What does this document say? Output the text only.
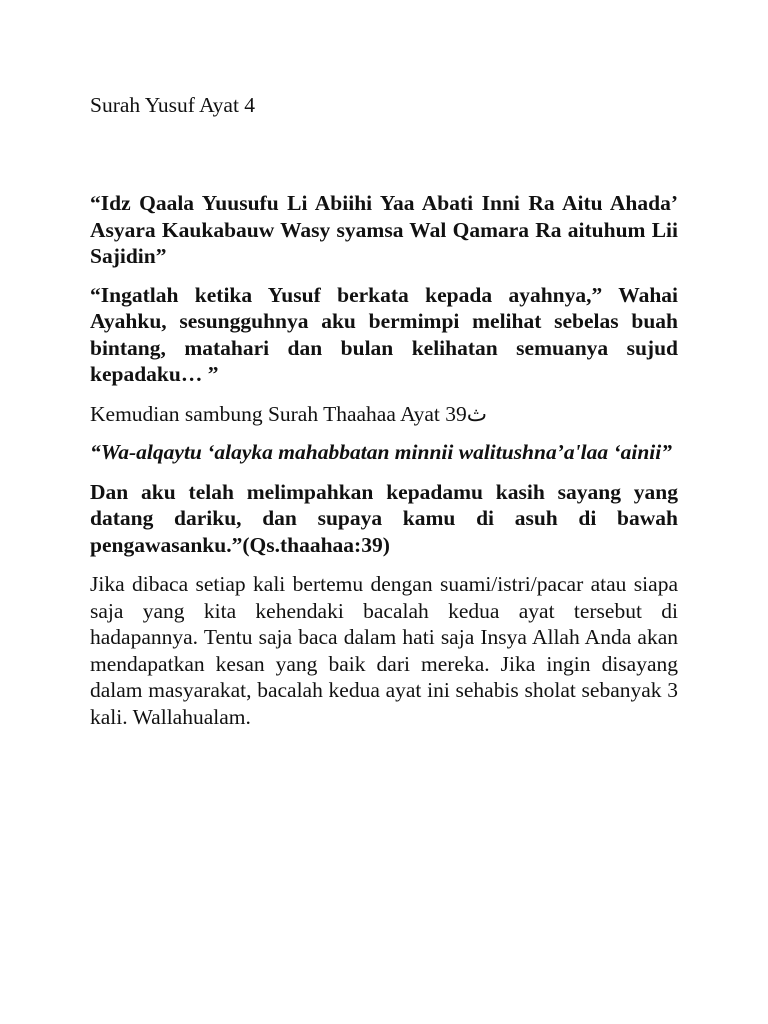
Surah Yusuf Ayat 4

“Idz Qaala Yuusufu Li Abiihi Yaa Abati Inni Ra Aitu Ahada’ Asyara Kaukabauw Wasy syamsa Wal Qamara Ra aituhum Lii Sajidin”

“Ingatlah ketika Yusuf berkata kepada ayahnya,” Wahai Ayahku, sesungguhnya aku bermimpi melihat sebelas buah bintang, matahari dan bulan kelihatan semuanya sujud kepadaku… ”

Kemudian sambung Surah Thaahaa Ayat 39ث

“Wa-alqaytu ‘alayka mahabbatan minnii walitushna’a'laa ‘ainii”

Dan aku telah melimpahkan kepadamu kasih sayang yang datang dariku, dan supaya kamu di asuh di bawah pengawasanku.”(Qs.thaahaa:39)

Jika dibaca setiap kali bertemu dengan suami/istri/pacar atau siapa saja yang kita kehendaki bacalah kedua ayat tersebut di hadapannya. Tentu saja baca dalam hati saja Insya Allah Anda akan mendapatkan kesan yang baik dari mereka. Jika ingin disayang dalam masyarakat, bacalah kedua ayat ini sehabis sholat sebanyak 3 kali. Wallahualam.
